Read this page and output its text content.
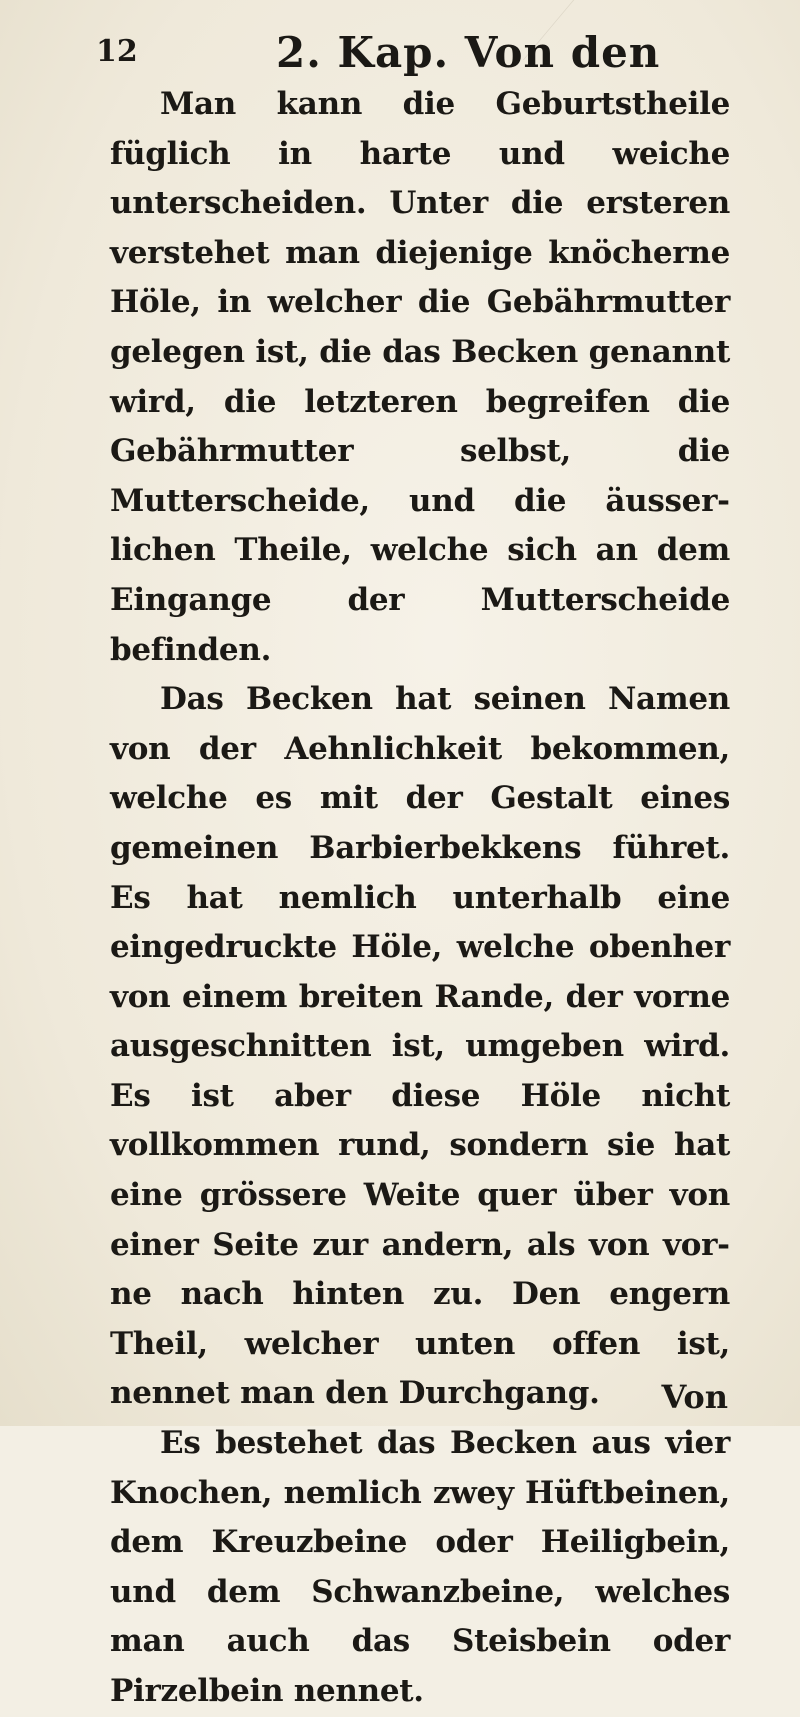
12	2. Kap. Von den

Man kann die Geburtstheile füglich in harte und weiche unterscheiden. Unter die ersteren verstehet man diejenige knöcherne Höle, in welcher die Gebährmutter gelegen ist, die das Becken genannt wird, die letzteren begreifen die Gebährmutter selbst, die Mutterscheide, und die äusserlichen Theile, welche sich an dem Eingange der Mutterscheide befinden.

Das Becken hat seinen Namen von der Aehnlichkeit bekommen, welche es mit der Gestalt eines gemeinen Barbierbekkens führet. Es hat nemlich unterhalb eine eingedruckte Höle, welche obenher von einem breiten Rande, der vorne ausgeschnitten ist, umgeben wird. Es ist aber diese Höle nicht vollkommen rund, sondern sie hat eine grössere Weite quer über von einer Seite zur andern, als von vorne nach hinten zu. Den engern Theil, welcher unten offen ist, nennet man den Durchgang.

Es bestehet das Becken aus vier Knochen, nemlich zwey Hüftbeinen, dem Kreuzbeine oder Heiligbein, und dem Schwanzbeine, welches man auch das Steisbein oder Pirzelbein nennet.

Von
